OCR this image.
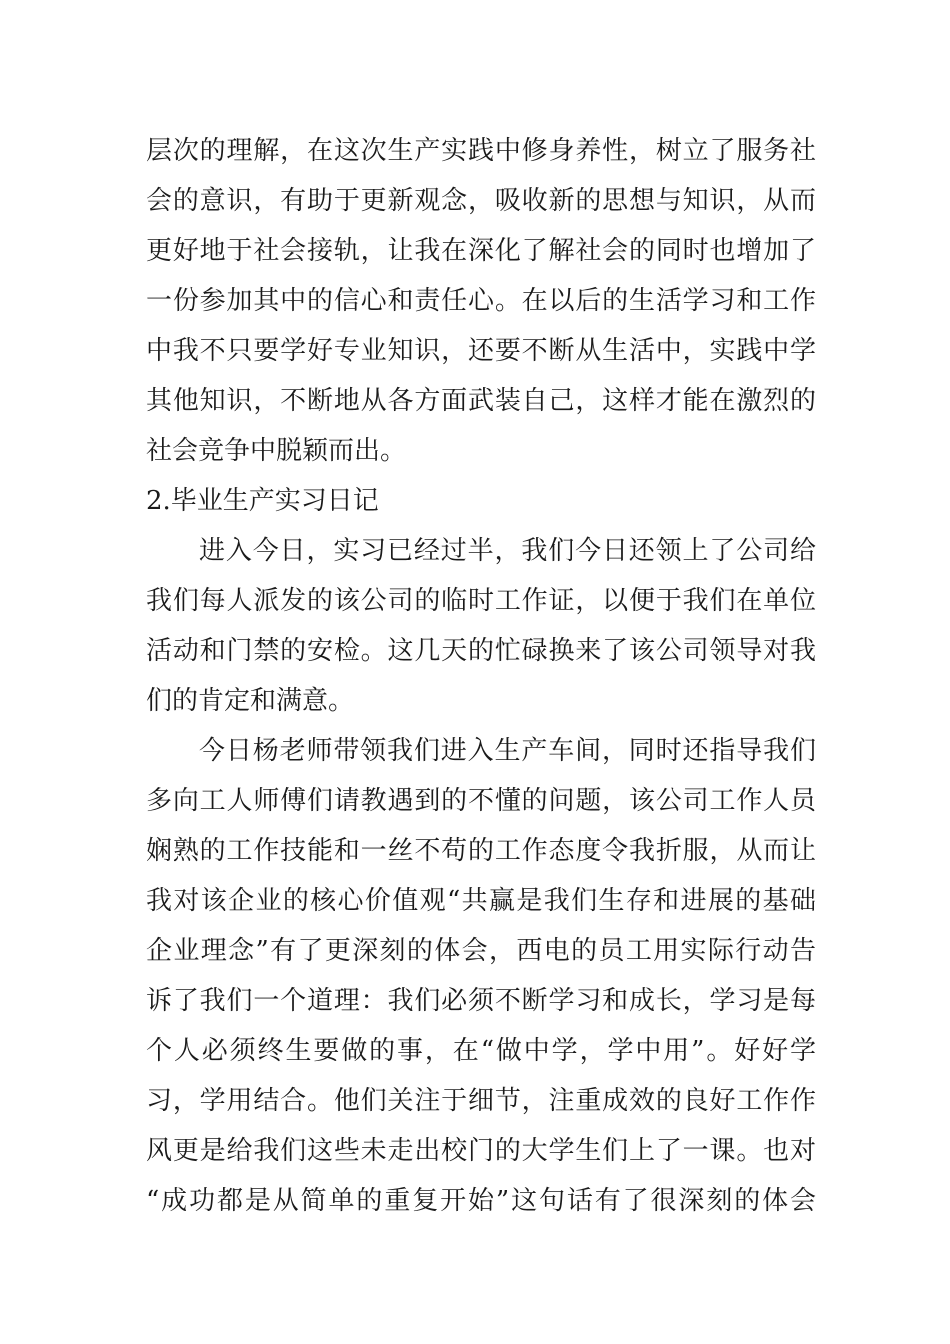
层次的理解，在这次生产实践中修身养性，树立了服务社
会的意识，有助于更新观念，吸收新的思想与知识，从而
更好地于社会接轨，让我在深化了解社会的同时也增加了
一份参加其中的信心和责任心。在以后的生活学习和工作
中我不只要学好专业知识，还要不断从生活中，实践中学
其他知识，不断地从各方面武装自己，这样才能在激烈的
社会竞争中脱颖而出。
2.毕业生产实习日记
进入今日，实习已经过半，我们今日还领上了公司给
我们每人派发的该公司的临时工作证，以便于我们在单位
活动和门禁的安检。这几天的忙碌换来了该公司领导对我
们的肯定和满意。
今日杨老师带领我们进入生产车间，同时还指导我们
多向工人师傅们请教遇到的不懂的问题，该公司工作人员
娴熟的工作技能和一丝不苟的工作态度令我折服，从而让
我对该企业的核心价值观“共赢是我们生存和进展的基础
企业理念”有了更深刻的体会，西电的员工用实际行动告
诉了我们一个道理：我们必须不断学习和成长，学习是每
个人必须终生要做的事，在“做中学，学中用”。好好学
习，学用结合。他们关注于细节，注重成效的良好工作作
风更是给我们这些未走出校门的大学生们上了一课。也对
“成功都是从简单的重复开始”这句话有了很深刻的体会
